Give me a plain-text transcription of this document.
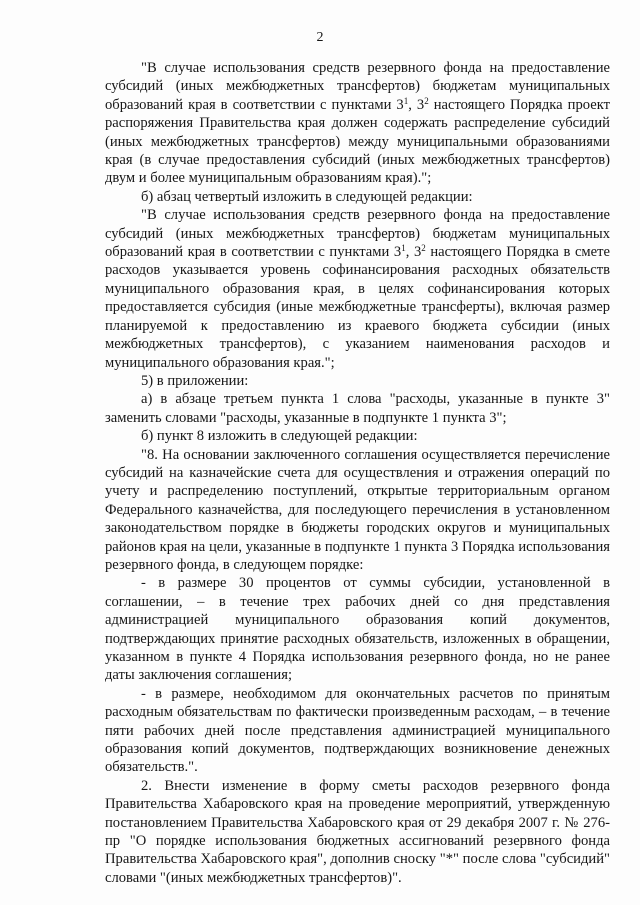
2

"В случае использования средств резервного фонда на предоставление субсидий (иных межбюджетных трансфертов) бюджетам муниципальных образований края в соответствии с пунктами $3^1$, $3^2$ настоящего Порядка проект распоряжения Правительства края должен содержать распределение субсидий (иных межбюджетных трансфертов) между муниципальными образованиями края (в случае предоставления субсидий (иных межбюджетных трансфертов) двум и более муниципальным образованиям края).";

б) абзац четвертый изложить в следующей редакции:

"В случае использования средств резервного фонда на предоставление субсидий (иных межбюджетных трансфертов) бюджетам муниципальных образований края в соответствии с пунктами $3^1$, $3^2$ настоящего Порядка в смете расходов указывается уровень софинансирования расходных обязательств муниципального образования края, в целях софинансирования которых предоставляется субсидия (иные межбюджетные трансферты), включая размер планируемой к предоставлению из краевого бюджета субсидии (иных межбюджетных трансфертов), с указанием наименования расходов и муниципального образования края.";

5) в приложении:

а) в абзаце третьем пункта 1 слова "расходы, указанные в пункте 3" заменить словами "расходы, указанные в подпункте 1 пункта 3";

б) пункт 8 изложить в следующей редакции:

"8. На основании заключенного соглашения осуществляется перечисление субсидий на казначейские счета для осуществления и отражения операций по учету и распределению поступлений, открытые территориальным органом Федерального казначейства, для последующего перечисления в установленном законодательством порядке в бюджеты городских округов и муниципальных районов края на цели, указанные в подпункте 1 пункта 3 Порядка использования резервного фонда, в следующем порядке:

- в размере 30 процентов от суммы субсидии, установленной в соглашении, – в течение трех рабочих дней со дня представления администрацией муниципального образования копий документов, подтверждающих принятие расходных обязательств, изложенных в обращении, указанном в пункте 4 Порядка использования резервного фонда, но не ранее даты заключения соглашения;

- в размере, необходимом для окончательных расчетов по принятым расходным обязательствам по фактически произведенным расходам, – в течение пяти рабочих дней после представления администрацией муниципального образования копий документов, подтверждающих возникновение денежных обязательств.".

2. Внести изменение в форму сметы расходов резервного фонда Правительства Хабаровского края на проведение мероприятий, утвержденную постановлением Правительства Хабаровского края от 29 декабря 2007 г. № 276-пр "О порядке использования бюджетных ассигнований резервного фонда Правительства Хабаровского края", дополнив сноску "*" после слова "субсидий" словами "(иных межбюджетных трансфертов)".
